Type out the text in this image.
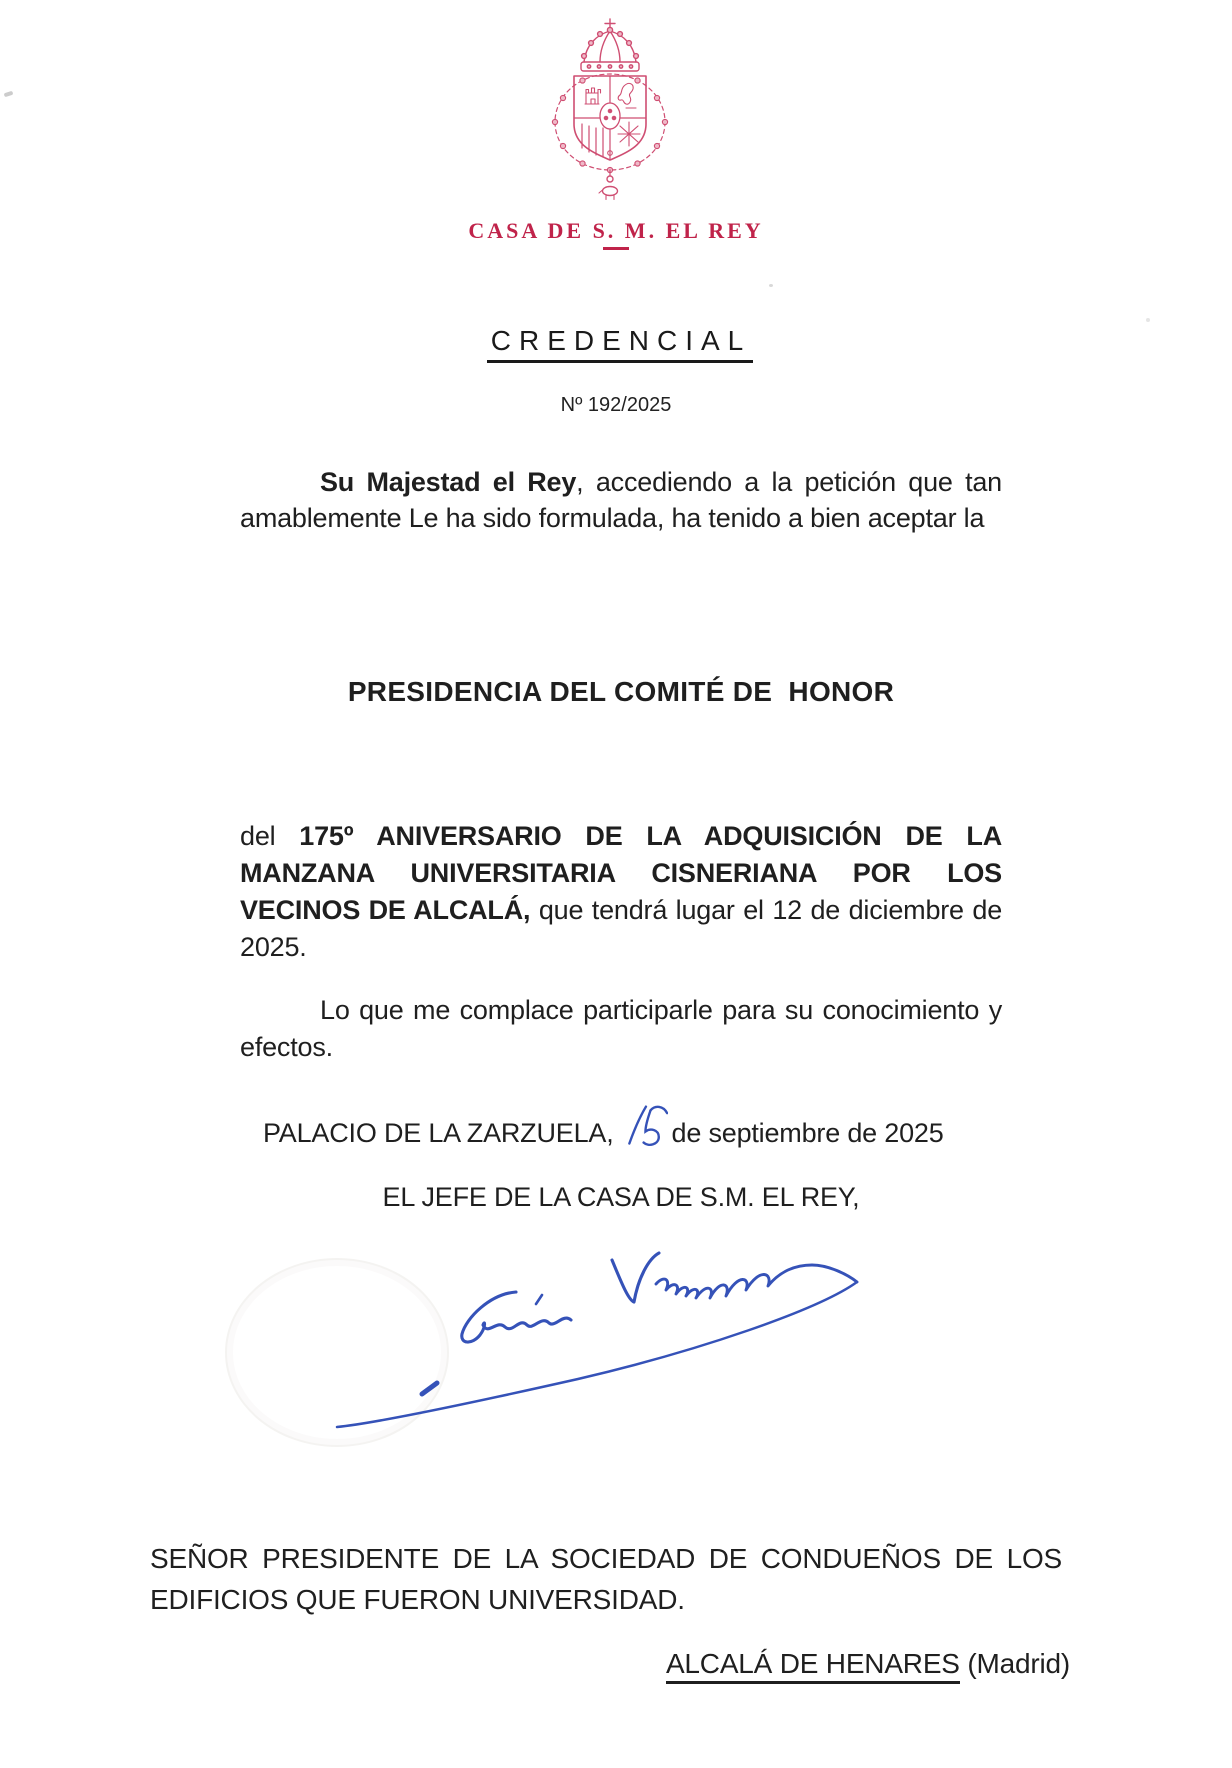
CASA DE S. M. EL REY
CREDENCIAL
Nº 192/2025
Su Majestad el Rey, accediendo a la petición que tan amablemente Le ha sido formulada, ha tenido a bien aceptar la
PRESIDENCIA DEL COMITÉ DE  HONOR
del 175º ANIVERSARIO DE LA ADQUISICIÓN DE LA MANZANA UNIVERSITARIA CISNERIANA POR LOS VECINOS DE ALCALÁ, que tendrá lugar el 12 de diciembre de 2025.
Lo que me complace participarle para su conocimiento y efectos.
PALACIO DE LA ZARZUELA, de septiembre de 2025
EL JEFE DE LA CASA DE S.M. EL REY,
SEÑOR PRESIDENTE DE LA SOCIEDAD DE CONDUEÑOS DE LOS EDIFICIOS QUE FUERON UNIVERSIDAD.
ALCALÁ DE HENARES (Madrid)
